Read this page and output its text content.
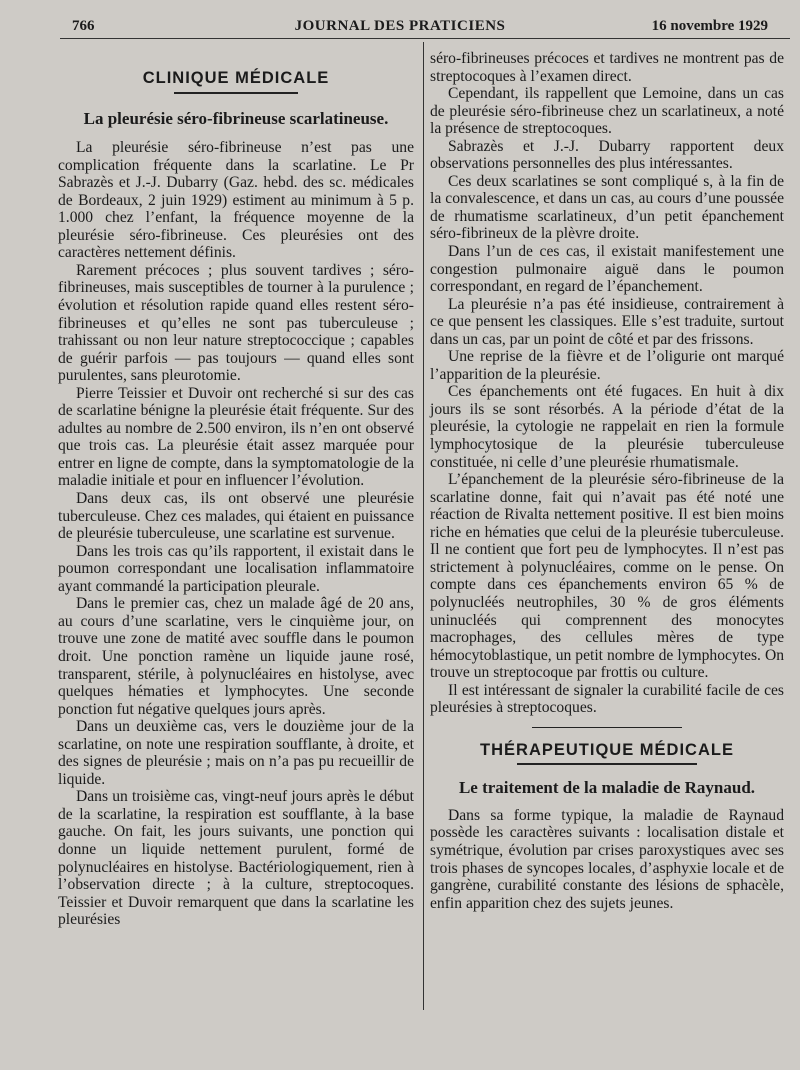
766	JOURNAL DES PRATICIENS	16 novembre 1929
CLINIQUE MÉDICALE
La pleurésie séro-fibrineuse scarlatineuse.

La pleurésie séro-fibrineuse n’est pas une complication fréquente dans la scarlatine. Le Pr Sabrazès et J.-J. Dubarry (Gaz. hebd. des sc. médicales de Bordeaux, 2 juin 1929) estiment au minimum à 5 p. 1.000 chez l’enfant, la fréquence moyenne de la pleurésie séro-fibrineuse. Ces pleurésies ont des caractères nettement définis.

Rarement précoces ; plus souvent tardives ; séro-fibrineuses, mais susceptibles de tourner à la purulence ; évolution et résolution rapide quand elles restent séro-fibrineuses et qu’elles ne sont pas tuberculeuse ; trahissant ou non leur nature streptococcique ; capables de guérir parfois — pas toujours — quand elles sont purulentes, sans pleurotomie.

Pierre Teissier et Duvoir ont recherché si sur des cas de scarlatine bénigne la pleurésie était fréquente. Sur des adultes au nombre de 2.500 environ, ils n’en ont observé que trois cas. La pleurésie était assez marquée pour entrer en ligne de compte, dans la symptomatologie de la maladie initiale et pour en influencer l’évolution.

Dans deux cas, ils ont observé une pleurésie tuberculeuse. Chez ces malades, qui étaient en puissance de pleurésie tuberculeuse, une scarlatine est survenue.

Dans les trois cas qu’ils rapportent, il existait dans le poumon correspondant une localisation inflammatoire ayant commandé la participation pleurale.

Dans le premier cas, chez un malade âgé de 20 ans, au cours d’une scarlatine, vers le cinquième jour, on trouve une zone de matité avec souffle dans le poumon droit. Une ponction ramène un liquide jaune rosé, transparent, stérile, à polynucléaires en histolyse, avec quelques hématies et lymphocytes. Une seconde ponction fut négative quelques jours après.

Dans un deuxième cas, vers le douzième jour de la scarlatine, on note une respiration soufflante, à droite, et des signes de pleurésie ; mais on n’a pas pu recueillir de liquide.

Dans un troisième cas, vingt-neuf jours après le début de la scarlatine, la respiration est soufflante, à la base gauche. On fait, les jours suivants, une ponction qui donne un liquide nettement purulent, formé de polynucléaires en histolyse. Bactériologiquement, rien à l’observation directe ; à la culture, streptocoques. Teissier et Duvoir remarquent que dans la scarlatine les pleurésies

séro-fibrineuses précoces et tardives ne montrent pas de streptocoques à l’examen direct.

Cependant, ils rappellent que Lemoine, dans un cas de pleurésie séro-fibrineuse chez un scarlatineux, a noté la présence de streptocoques.

Sabrazès et J.-J. Dubarry rapportent deux observations personnelles des plus intéressantes.

Ces deux scarlatines se sont compliqué s, à la fin de la convalescence, et dans un cas, au cours d’une poussée de rhumatisme scarlatineux, d’un petit épanchement séro-fibrineux de la plèvre droite.

Dans l’un de ces cas, il existait manifestement une congestion pulmonaire aiguë dans le poumon correspondant, en regard de l’épanchement.

La pleurésie n’a pas été insidieuse, contrairement à ce que pensent les classiques. Elle s’est traduite, surtout dans un cas, par un point de côté et par des frissons.

Une reprise de la fièvre et de l’oligurie ont marqué l’apparition de la pleurésie.

Ces épanchements ont été fugaces. En huit à dix jours ils se sont résorbés. A la période d’état de la pleurésie, la cytologie ne rappelait en rien la formule lymphocytosique de la pleurésie tuberculeuse constituée, ni celle d’une pleurésie rhumatismale.

L’épanchement de la pleurésie séro-fibrineuse de la scarlatine donne, fait qui n’avait pas été noté une réaction de Rivalta nettement positive. Il est bien moins riche en hématies que celui de la pleurésie tuberculeuse. Il ne contient que fort peu de lymphocytes. Il n’est pas strictement à polynucléaires, comme on le pense. On compte dans ces épanchements environ 65 % de polynucléés neutrophiles, 30 % de gros éléments uninucléés qui comprennent des monocytes macrophages, des cellules mères de type hémocytoblastique, un petit nombre de lymphocytes. On trouve un streptocoque par frottis ou culture.

Il est intéressant de signaler la curabilité facile de ces pleurésies à streptocoques.

THÉRAPEUTIQUE MÉDICALE
Le traitement de la maladie de Raynaud.

Dans sa forme typique, la maladie de Raynaud possède les caractères suivants : localisation distale et symétrique, évolution par crises paroxystiques avec ses trois phases de syncopes locales, d’asphyxie locale et de gangrène, curabilité constante des lésions de sphacèle, enfin apparition chez des sujets jeunes.
